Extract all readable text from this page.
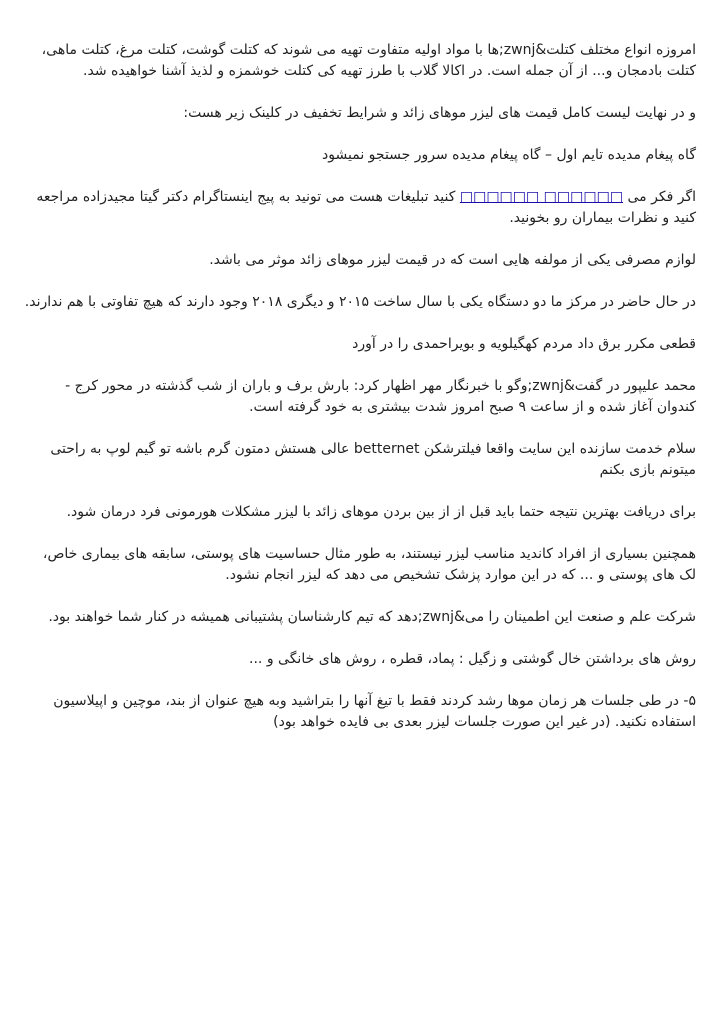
امروزه انواع مختلف کتلت&zwnj;ها با مواد اولیه متفاوت تهیه می شوند که کتلت گوشت، کتلت مرغ، کتلت ماهی، کتلت بادمجان و... از آن جمله است. در اکالا گلاب با طرز تهیه کی کتلت خوشمزه و لذیذ آشنا خواهیده شد.

و در نهایت لیست کامل قیمت های لیزر موهای زائد و شرایط تخفیف در کلینک زیر هست:

گاه پیغام مدیده تایم اول – گاه پیغام مدیده سرور جستجو نمیشود

اگر فکر می □□□□□□ □□□□□□ کنید تبلیغات هست می تونید به پیج اینستاگرام دکتر گیتا مجیدزاده مراجعه کنید و نظرات بیماران رو بخونید.

لوازم مصرفی یکی از مولفه هایی است که در قیمت لیزر موهای زائد موثر می باشد.

در حال حاضر در مرکز ما دو دستگاه یکی با سال ساخت ۲۰۱۵ و دیگری ۲۰۱۸ وجود دارند که هیچ تفاوتی با هم ندارند.

قطعی مکرر برق داد مردم کهگیلویه و بویراحمدی را در آورد

محمد علیپور در گفت&zwnj;وگو با خبرنگار مهر اظهار کرد: بارش برف و باران از شب گذشته در محور کرج - کندوان آغاز شده و از ساعت ۹ صبح امروز شدت بیشتری به خود گرفته است.

سلام خدمت سازنده این سایت واقعا فیلترشکن betternet عالی هستش دمتون گرم باشه تو گیم لوپ به راحتی میتونم بازی بکنم

برای دریافت بهترین نتیجه حتما باید قبل از از بین بردن موهای زائد با لیزر مشکلات هورمونی فرد درمان شود.

همچنین بسیاری از افراد کاندید مناسب لیزر نیستند، به طور مثال حساسیت های پوستی، سابقه های بیماری خاص، لک های پوستی و ... که در این موارد پزشک تشخیص می دهد که لیزر انجام نشود.

شرکت علم و صنعت این اطمینان را می&zwnj;دهد که تیم کارشناسان پشتیبانی همیشه در کنار شما خواهند بود.

روش های برداشتن خال گوشتی و زگیل : پماد، قطره ، روش های خانگی و ...

۵- در طی جلسات هر زمان موها رشد کردند فقط با تیغ آنها را بتراشید وبه هیچ عنوان از بند، موچین و اپیلاسیون استفاده نکنید. (در غیر این صورت جلسات لیزر بعدی بی فایده خواهد بود)
